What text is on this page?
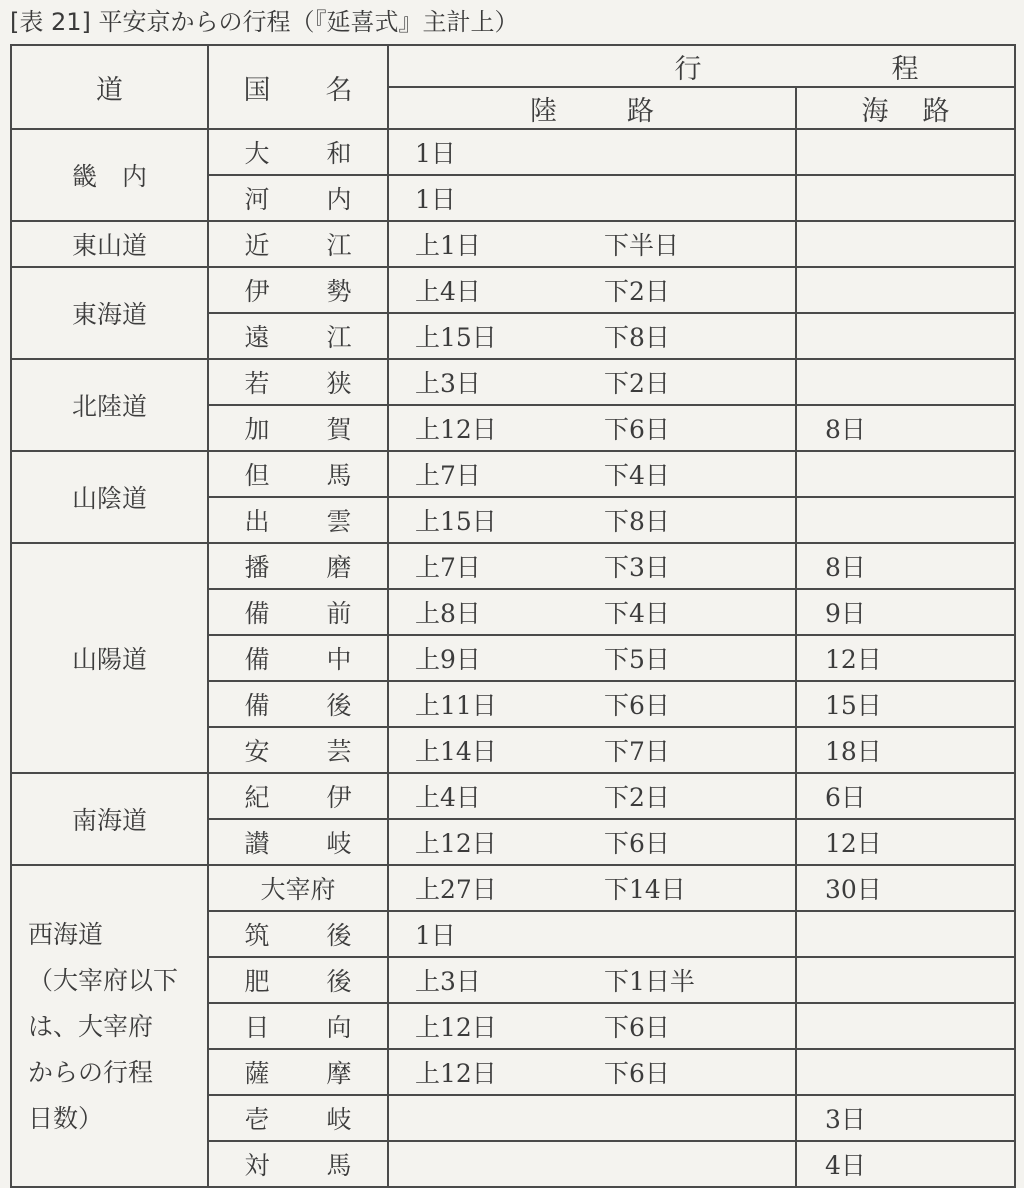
[表 21] 平安京からの行程（『延喜式』主計上）
道	国 名	行 程	
		陸 路	海 路
畿　内	大 和	1日	
	河 内	1日	
東山道	近 江	上1日 下半日	
東海道	伊 勢	上4日 下2日	
	遠 江	上15日 下8日	
北陸道	若 狭	上3日 下2日	
	加 賀	上12日 下6日	8日
山陰道	但 馬	上7日 下4日	
	出 雲	上15日 下8日	
山陽道	播 磨	上7日 下3日	8日
	備 前	上8日 下4日	9日
	備 中	上9日 下5日	12日
	備 後	上11日 下6日	15日
	安 芸	上14日 下7日	18日
南海道	紀 伊	上4日 下2日	6日
	讃 岐	上12日 下6日	12日
西海道
（大宰府以下
は、大宰府
からの行程
日数）	大宰府	上27日 下14日	30日
	筑 後	1日	
	肥 後	上3日 下1日半	
	日 向	上12日 下6日	
	薩 摩	上12日 下6日	
	壱 岐		3日
	対 馬		4日
